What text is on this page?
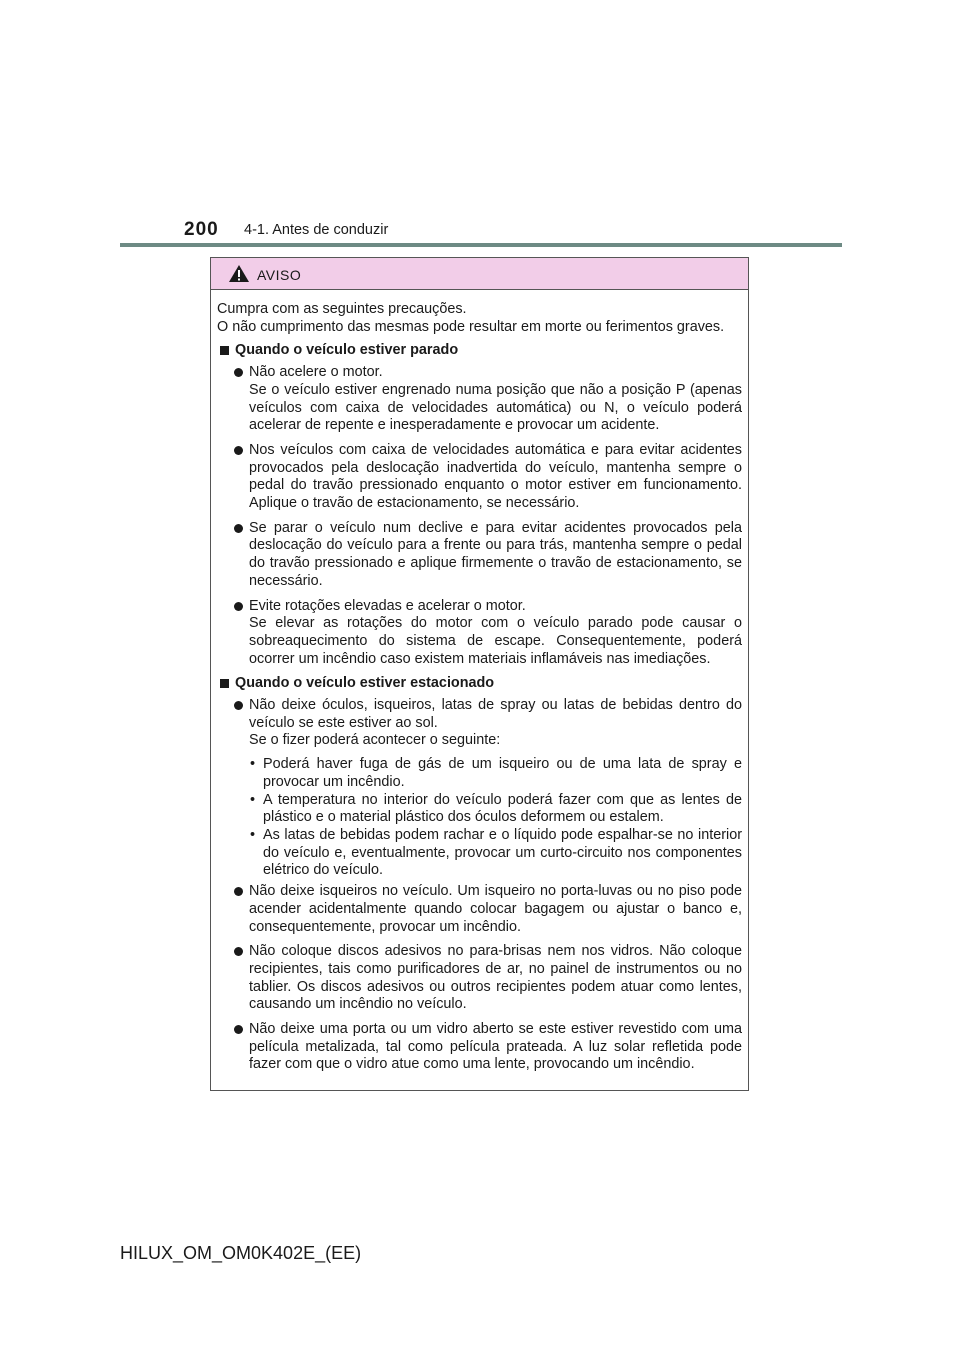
200 4-1. Antes de conduzir
AVISO
Cumpra com as seguintes precauções.
O não cumprimento das mesmas pode resultar em morte ou ferimentos graves.
Quando o veículo estiver parado

Não acelere o motor.

Se o veículo estiver engrenado numa posição que não a posição P (apenas veículos com caixa de velocidades automática) ou N, o veículo poderá acelerar de repente e inesperadamente e provocar um acidente.

Nos veículos com caixa de velocidades automática e para evitar acidentes provocados pela deslocação inadvertida do veículo, mantenha sempre o pedal do travão pressionado enquanto o motor estiver em funcionamento. Aplique o travão de estacionamento, se necessário.

Se parar o veículo num declive e para evitar acidentes provocados pela deslocação do veículo para a frente ou para trás, mantenha sempre o pedal do travão pressionado e aplique firmemente o travão de estacionamento, se necessário.

Evite rotações elevadas e acelerar o motor.

Se elevar as rotações do motor com o veículo parado pode causar o sobreaquecimento do sistema de escape. Consequentemente, poderá ocorrer um incêndio caso existem materiais inflamáveis nas imediações.

Quando o veículo estiver estacionado

Não deixe óculos, isqueiros, latas de spray ou latas de bebidas dentro do veículo se este estiver ao sol.

Se o fizer poderá acontecer o seguinte:

• Poderá haver fuga de gás de um isqueiro ou de uma lata de spray e provocar um incêndio.
• A temperatura no interior do veículo poderá fazer com que as lentes de plástico e o material plástico dos óculos deformem ou estalem.
• As latas de bebidas podem rachar e o líquido pode espalhar-se no interior do veículo e, eventualmente, provocar um curto-circuito nos componentes elétrico do veículo.

Não deixe isqueiros no veículo. Um isqueiro no porta-luvas ou no piso pode acender acidentalmente quando colocar bagagem ou ajustar o banco e, consequentemente, provocar um incêndio.

Não coloque discos adesivos no para-brisas nem nos vidros. Não coloque recipientes, tais como purificadores de ar, no painel de instrumentos ou no tablier. Os discos adesivos ou outros recipientes podem atuar como lentes, causando um incêndio no veículo.

Não deixe uma porta ou um vidro aberto se este estiver revestido com uma película metalizada, tal como película prateada. A luz solar refletida pode fazer com que o vidro atue como uma lente, provocando um incêndio.

HILUX_OM_OM0K402E_(EE)
